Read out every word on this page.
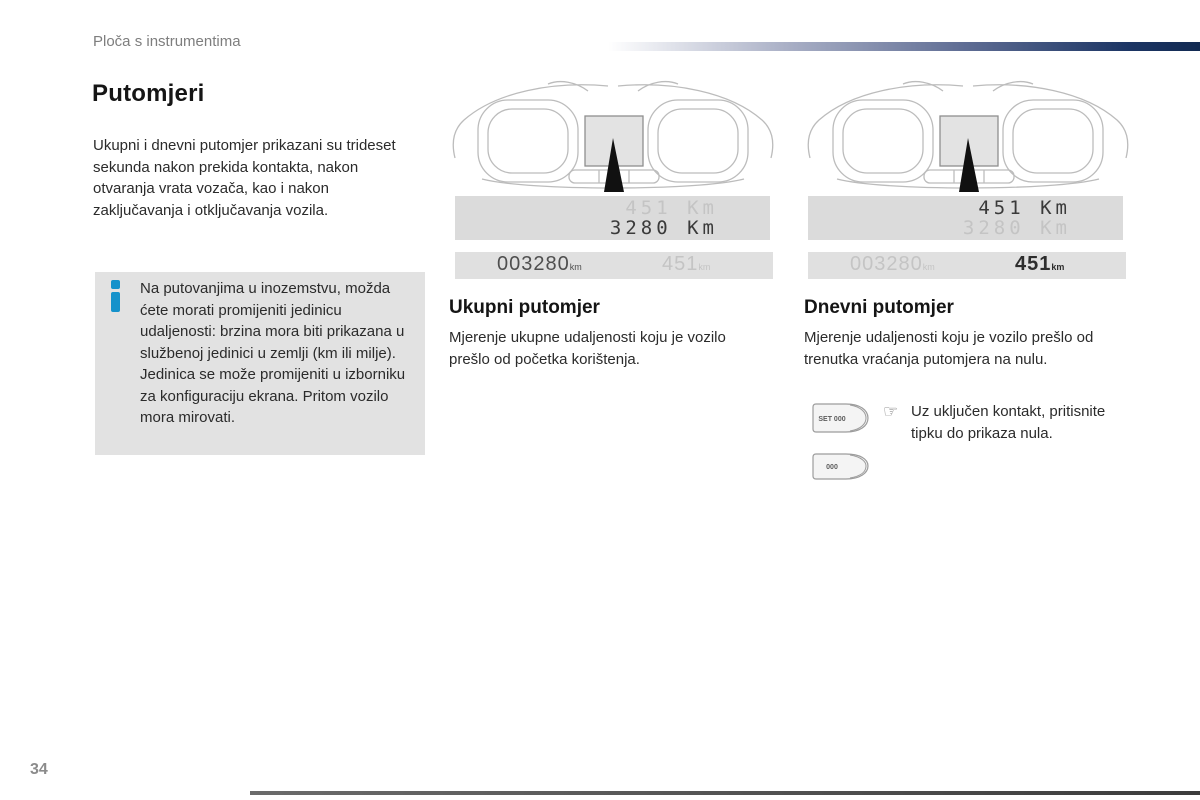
Ploča s instrumentima
Putomjeri
Ukupni i dnevni putomjer prikazani su trideset sekunda nakon prekida kontakta, nakon otvaranja vrata vozača, kao i nakon zaključavanja i otključavanja vozila.
Na putovanjima u inozemstvu, možda ćete morati promijeniti jedinicu udaljenosti: brzina mora biti prikazana u službenoj jedinici u zemlji (km ili milje). Jedinica se može promijeniti u izborniku za konfiguraciju ekrana. Pritom vozilo mora mirovati.
451 Km
3280 Km
451 Km
3280 Km
003280km	451km	003280km	451km
Ukupni putomjer
Mjerenje ukupne udaljenosti koju je vozilo prešlo od početka korištenja.
Dnevni putomjer
Mjerenje udaljenosti koju je vozilo prešlo od trenutka vraćanja putomjera na nulu.
SET 000
000
☞ Uz uključen kontakt, pritisnite tipku do prikaza nula.
34
